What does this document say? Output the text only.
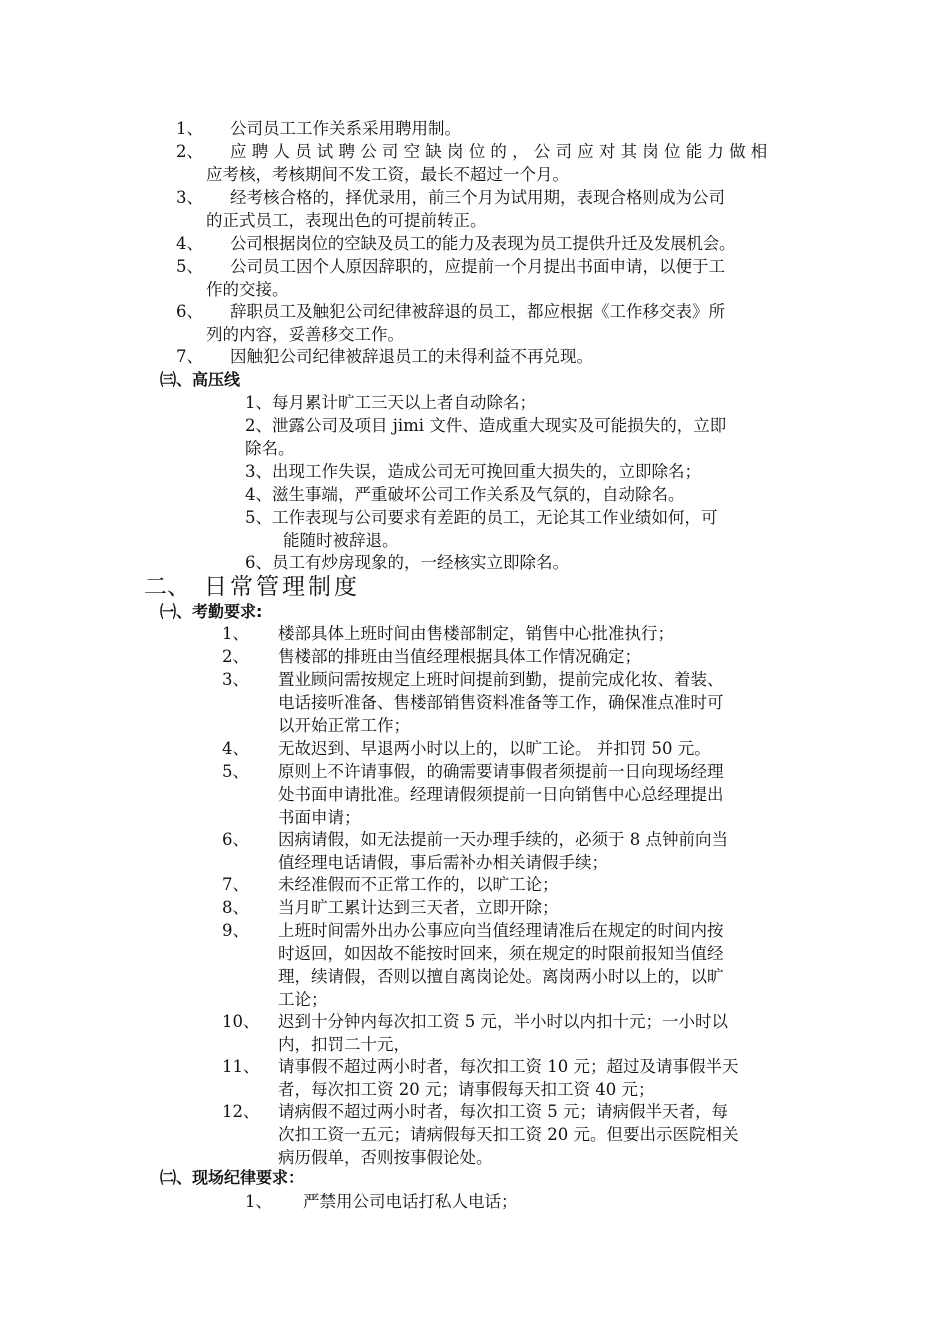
1、 公司员工工作关系采用聘用制。
2、 应聘人员试聘公司空缺岗位的，公司应对其岗位能力做相
应考核，考核期间不发工资，最长不超过一个月。
3、 经考核合格的，择优录用，前三个月为试用期，表现合格则成为公司
的正式员工，表现出色的可提前转正。
4、 公司根据岗位的空缺及员工的能力及表现为员工提供升迁及发展机会。
5、 公司员工因个人原因辞职的，应提前一个月提出书面申请，以便于工
作的交接。
6、 辞职员工及触犯公司纪律被辞退的员工，都应根据《工作移交表》所
列的内容，妥善移交工作。
7、 因触犯公司纪律被辞退员工的未得利益不再兑现。
㈢、高压线
1、每月累计旷工三天以上者自动除名；
2、泄露公司及项目 jimi 文件、造成重大现实及可能损失的，立即
除名。
3、出现工作失误，造成公司无可挽回重大损失的，立即除名；
4、滋生事端，严重破坏公司工作关系及气氛的，自动除名。
5、工作表现与公司要求有差距的员工，无论其工作业绩如何，可
能随时被辞退。
6、员工有炒房现象的，一经核实立即除名。
二、 日常管理制度
㈠、考勤要求:
1、 楼部具体上班时间由售楼部制定，销售中心批准执行；
2、 售楼部的排班由当值经理根据具体工作情况确定；
3、 置业顾问需按规定上班时间提前到勤，提前完成化妆、着装、
电话接听准备、售楼部销售资料准备等工作，确保准点准时可
以开始正常工作；
4、 无故迟到、早退两小时以上的，以旷工论。 并扣罚 50 元。
5、 原则上不许请事假，的确需要请事假者须提前一日向现场经理
处书面申请批准。经理请假须提前一日向销售中心总经理提出
书面申请；
6、 因病请假，如无法提前一天办理手续的，必须于 8 点钟前向当
值经理电话请假，事后需补办相关请假手续；
7、 未经准假而不正常工作的，以旷工论；
8、 当月旷工累计达到三天者，立即开除；
9、 上班时间需外出办公事应向当值经理请准后在规定的时间内按
时返回，如因故不能按时回来，须在规定的时限前报知当值经
理，续请假，否则以擅自离岗论处。离岗两小时以上的，以旷
工论；
10、 迟到十分钟内每次扣工资 5 元，半小时以内扣十元；一小时以
内，扣罚二十元，
11、 请事假不超过两小时者，每次扣工资 10 元；超过及请事假半天
者，每次扣工资 20 元；请事假每天扣工资 40 元；
12、 请病假不超过两小时者，每次扣工资 5 元；请病假半天者，每
次扣工资一五元；请病假每天扣工资 20 元。但要出示医院相关
病历假单，否则按事假论处。
㈡、现场纪律要求：
1、 严禁用公司电话打私人电话；
